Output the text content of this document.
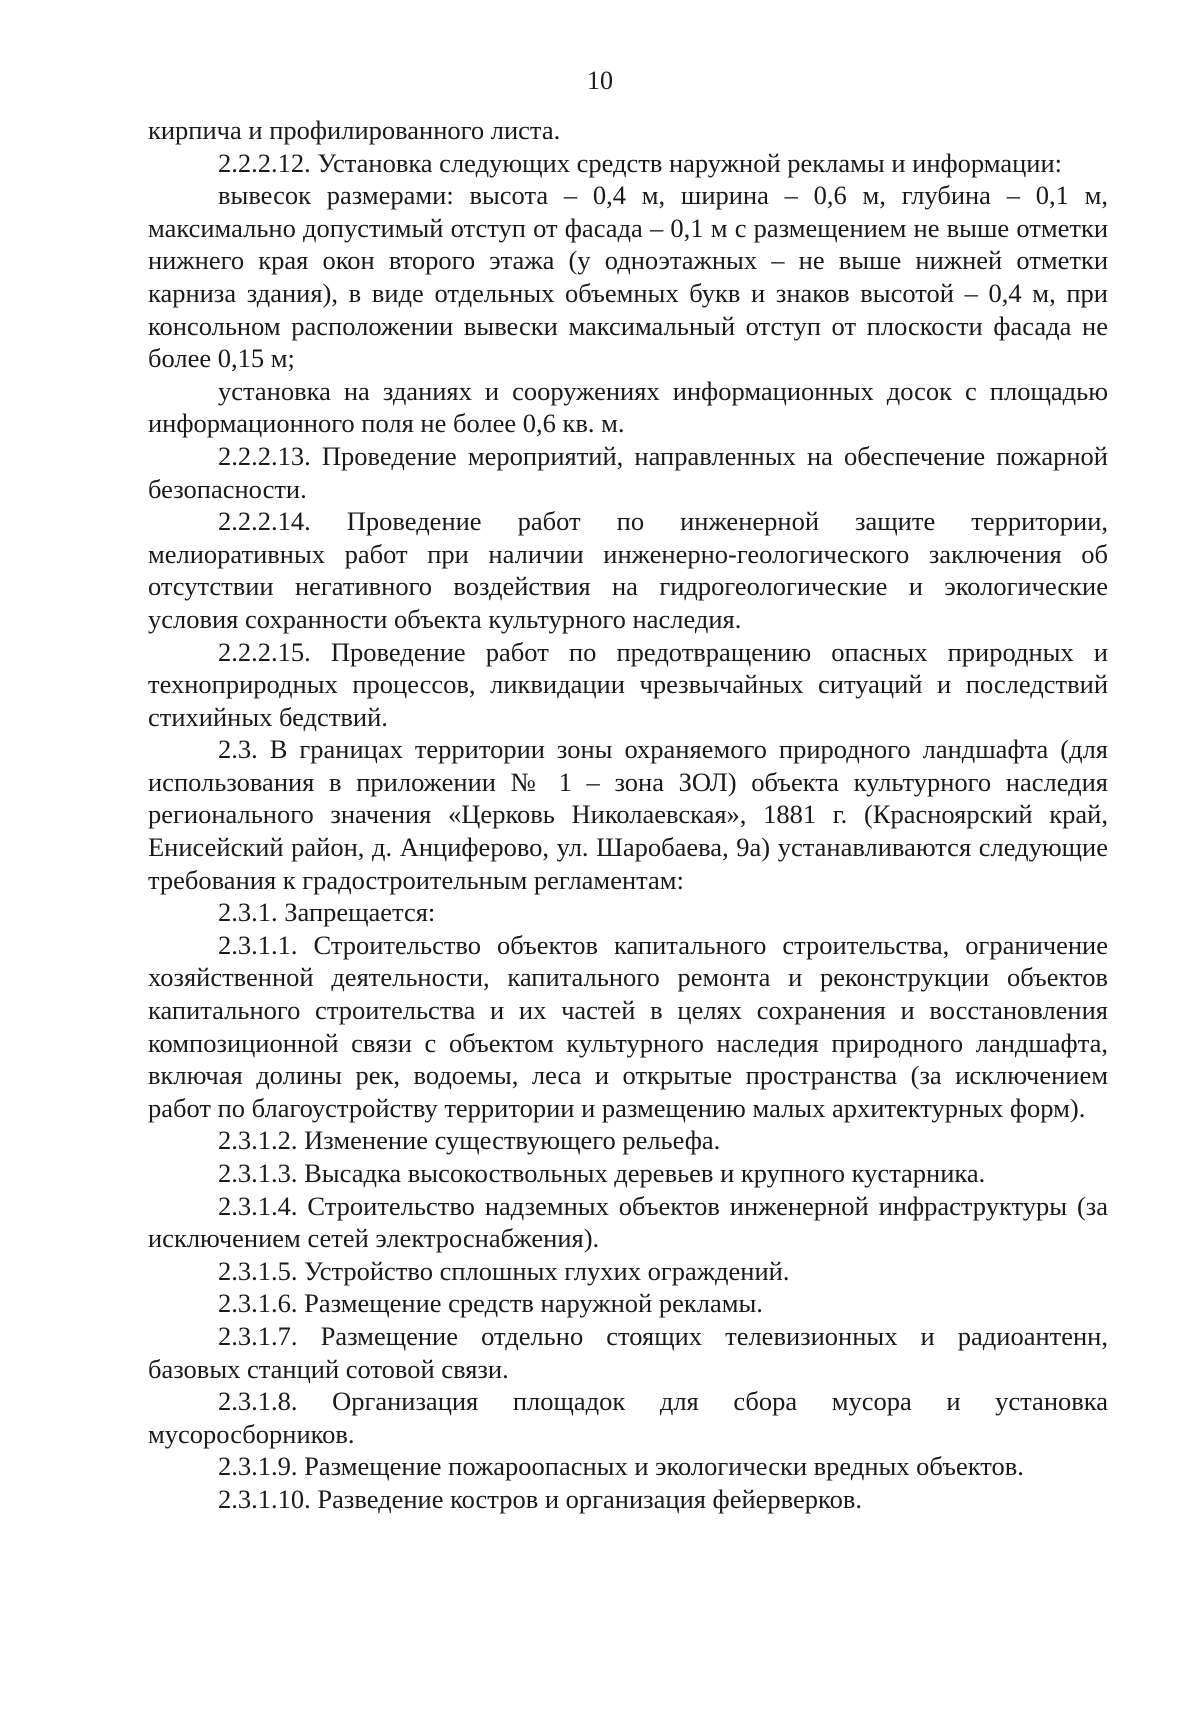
10

кирпича и профилированного листа.

2.2.2.12. Установка следующих средств наружной рекламы и информации:

вывесок размерами: высота – 0,4 м, ширина – 0,6 м, глубина – 0,1 м, максимально допустимый отступ от фасада – 0,1 м с размещением не выше отметки нижнего края окон второго этажа (у одноэтажных – не выше нижней отметки карниза здания), в виде отдельных объемных букв и знаков высотой – 0,4 м, при консольном расположении вывески максимальный отступ от плоскости фасада не более 0,15 м;

установка на зданиях и сооружениях информационных досок с площадью информационного поля не более 0,6 кв. м.

2.2.2.13. Проведение мероприятий, направленных на обеспечение пожарной безопасности.

2.2.2.14. Проведение работ по инженерной защите территории, мелиоративных работ при наличии инженерно-геологического заключения об отсутствии негативного воздействия на гидрогеологические и экологические условия сохранности объекта культурного наследия.

2.2.2.15. Проведение работ по предотвращению опасных природных и техноприродных процессов, ликвидации чрезвычайных ситуаций и последствий стихийных бедствий.

2.3. В границах территории зоны охраняемого природного ландшафта (для использования в приложении № 1 – зона ЗОЛ) объекта культурного наследия регионального значения «Церковь Николаевская», 1881 г. (Красноярский край, Енисейский район, д. Анциферово, ул. Шаробаева, 9а) устанавливаются следующие требования к градостроительным регламентам:

2.3.1. Запрещается:

2.3.1.1. Строительство объектов капитального строительства, ограничение хозяйственной деятельности, капитального ремонта и реконструкции объектов капитального строительства и их частей в целях сохранения и восстановления композиционной связи с объектом культурного наследия природного ландшафта, включая долины рек, водоемы, леса и открытые пространства (за исключением работ по благоустройству территории и размещению малых архитектурных форм).

2.3.1.2. Изменение существующего рельефа.

2.3.1.3. Высадка высокоствольных деревьев и крупного кустарника.

2.3.1.4. Строительство надземных объектов инженерной инфраструктуры (за исключением сетей электроснабжения).

2.3.1.5. Устройство сплошных глухих ограждений.

2.3.1.6. Размещение средств наружной рекламы.

2.3.1.7. Размещение отдельно стоящих телевизионных и радиоантенн, базовых станций сотовой связи.

2.3.1.8. Организация площадок для сбора мусора и установка мусоросборников.

2.3.1.9. Размещение пожароопасных и экологически вредных объектов.

2.3.1.10. Разведение костров и организация фейерверков.
